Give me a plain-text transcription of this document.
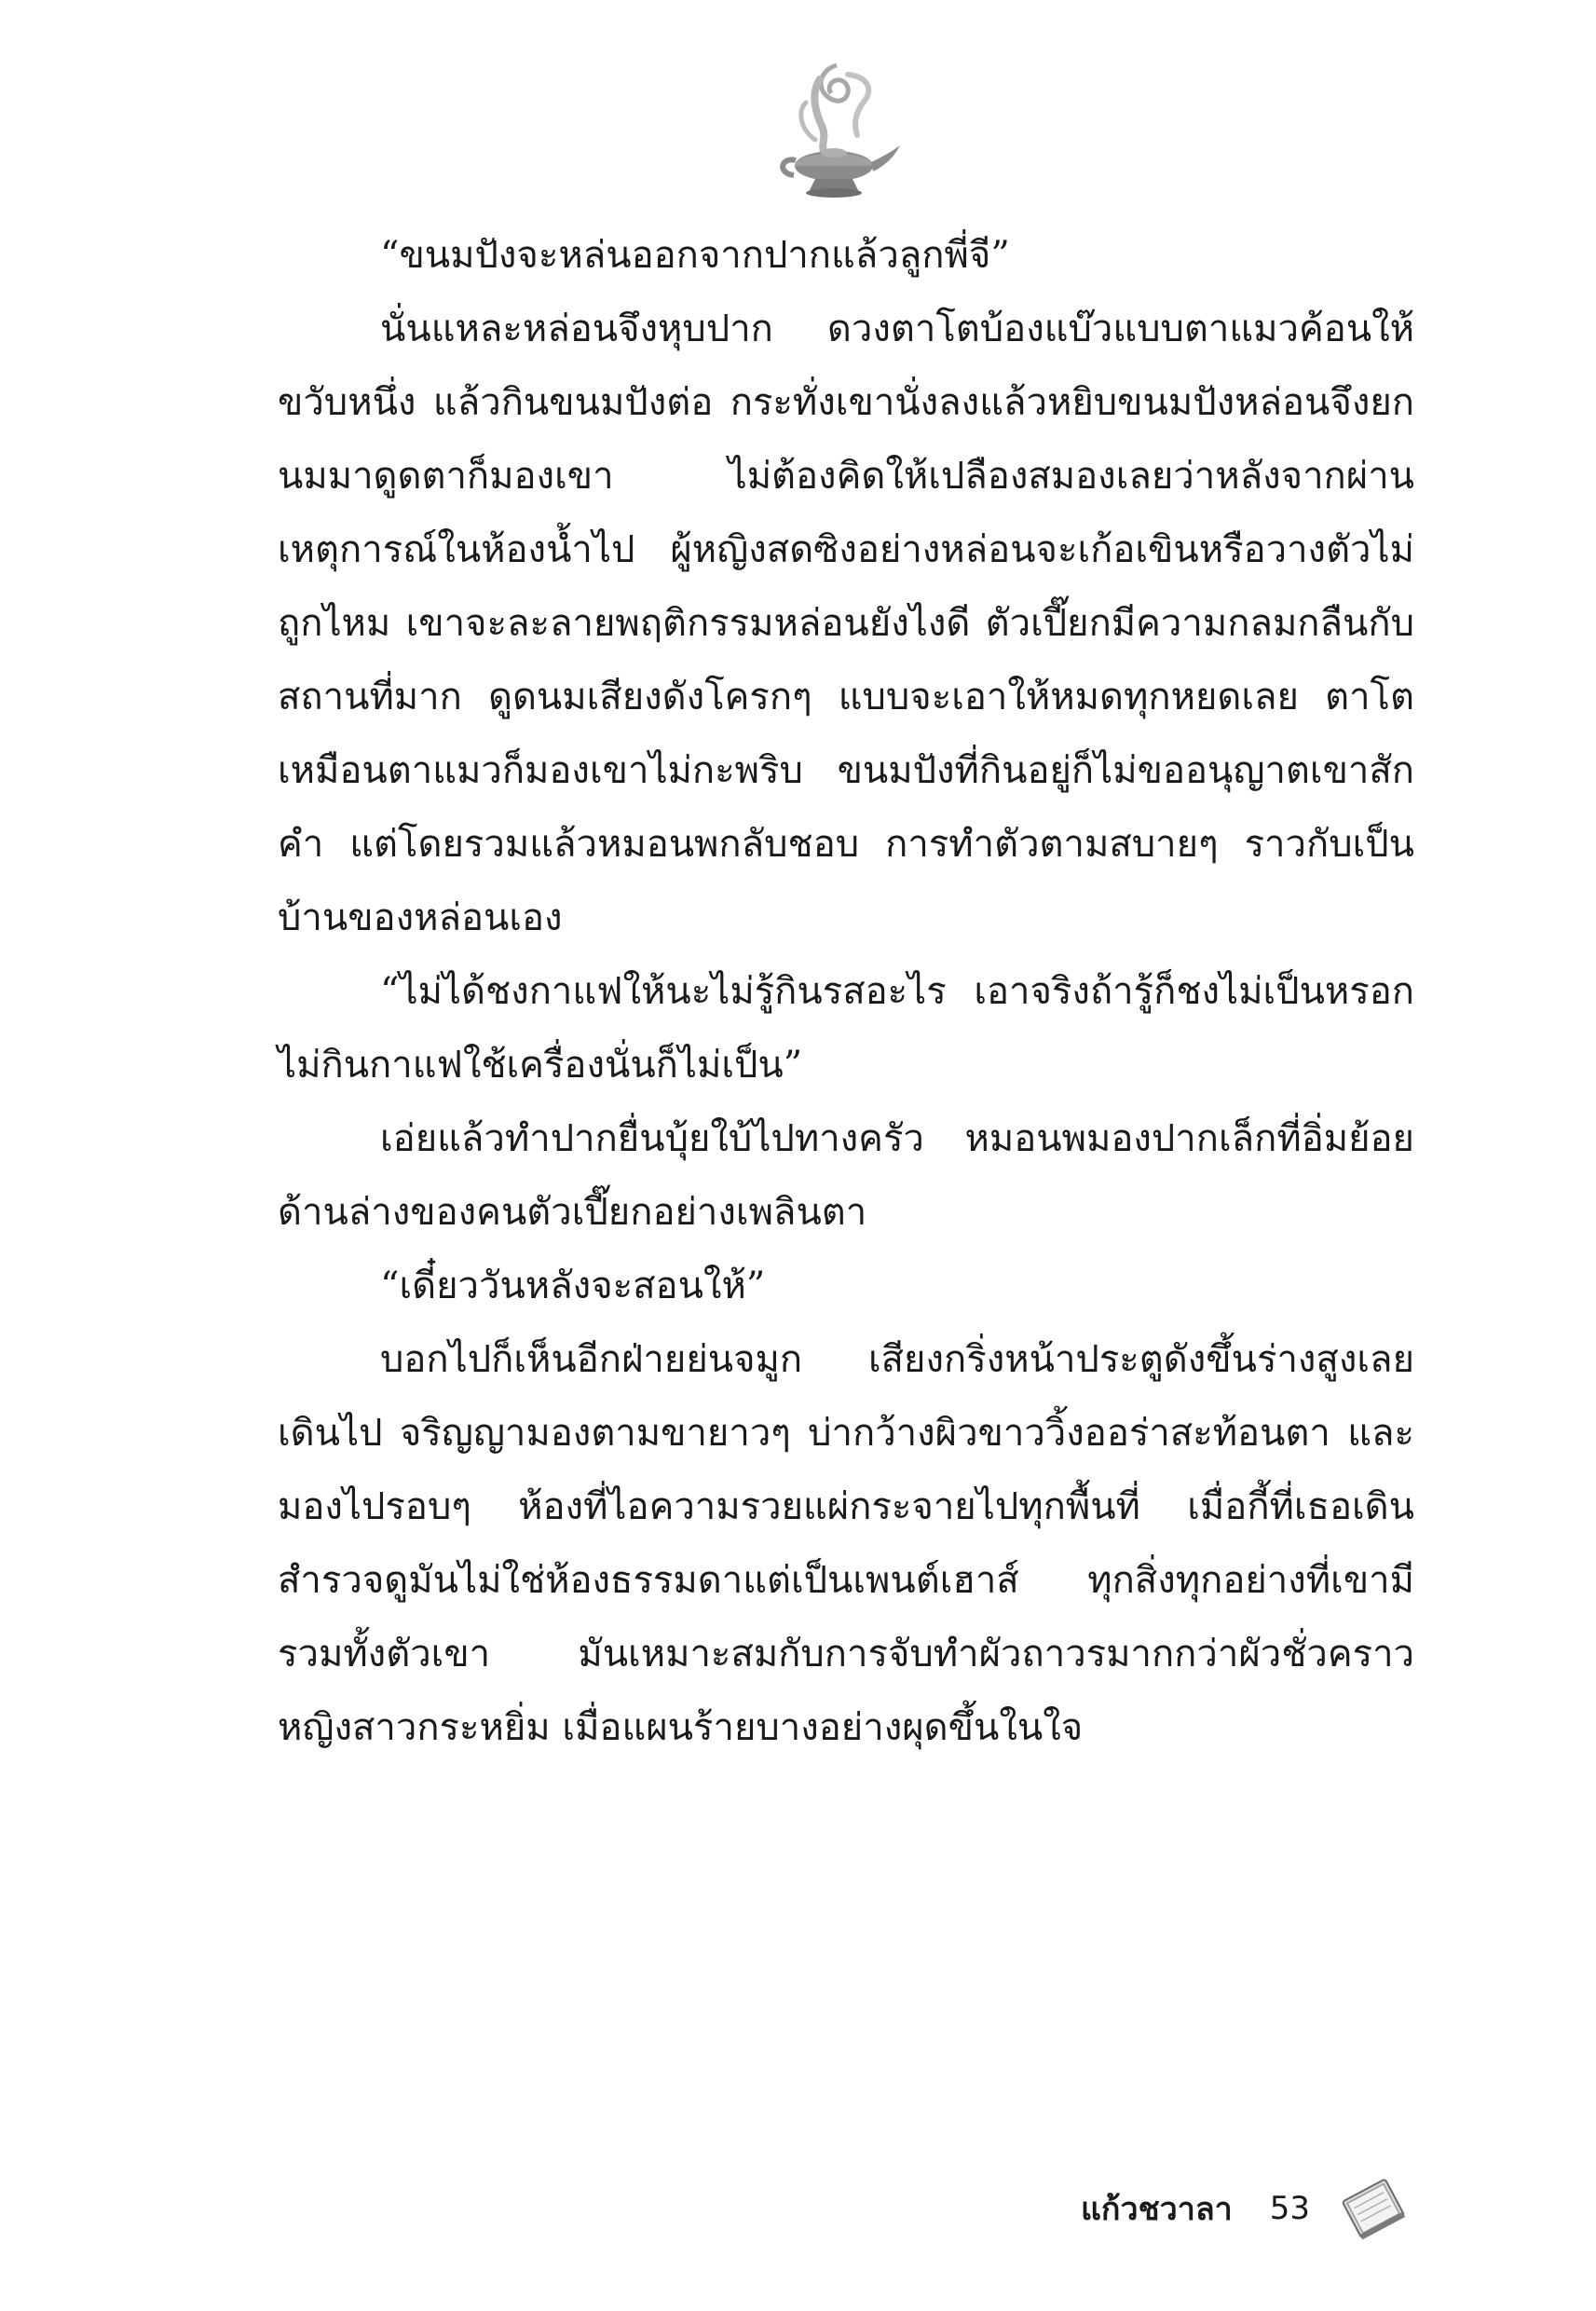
“ขนมปังจะหล่นออกจากปากแล้วลูกพี่จี”

นั่นแหละหล่อนจึงหุบปาก ดวงตาโตบ้องแบ๊วแบบตาแมวค้อนให้ขวับหนึ่ง แล้วกินขนมปังต่อ กระทั่งเขานั่งลงแล้วหยิบขนมปังหล่อนจึงยกนมมาดูดตาก็มองเขา ไม่ต้องคิดให้เปลืองสมองเลยว่าหลังจากผ่านเหตุการณ์ในห้องน้ำไป ผู้หญิงสดซิงอย่างหล่อนจะเก้อเขินหรือวางตัวไม่ถูกไหม เขาจะละลายพฤติกรรมหล่อนยังไงดี ตัวเปี๊ยกมีความกลมกลืนกับสถานที่มาก ดูดนมเสียงดังโครกๆ แบบจะเอาให้หมดทุกหยดเลย ตาโตเหมือนตาแมวก็มองเขาไม่กะพริบ ขนมปังที่กินอยู่ก็ไม่ขออนุญาตเขาสักคำ แต่โดยรวมแล้วหมอนพกลับชอบ การทำตัวตามสบายๆ ราวกับเป็นบ้านของหล่อนเอง

“ไม่ได้ชงกาแฟให้นะไม่รู้กินรสอะไร เอาจริงถ้ารู้ก็ชงไม่เป็นหรอก ไม่กินกาแฟใช้เครื่องนั่นก็ไม่เป็น”

เอ่ยแล้วทำปากยื่นบุ้ยใบ้ไปทางครัว หมอนพมองปากเล็กที่อิ่มย้อยด้านล่างของคนตัวเปี๊ยกอย่างเพลินตา

“เดี๋ยววันหลังจะสอนให้”

บอกไปก็เห็นอีกฝ่ายย่นจมูก เสียงกริ่งหน้าประตูดังขึ้นร่างสูงเลยเดินไป จริญญามองตามขายาวๆ บ่ากว้างผิวขาววิ้งออร่าสะท้อนตา และมองไปรอบๆ ห้องที่ไอความรวยแผ่กระจายไปทุกพื้นที่ เมื่อกี้ที่เธอเดินสำรวจดูมันไม่ใช่ห้องธรรมดาแต่เป็นเพนต์เฮาส์ ทุกสิ่งทุกอย่างที่เขามีรวมทั้งตัวเขา มันเหมาะสมกับการจับทำผัวถาวรมากกว่าผัวชั่วคราว หญิงสาวกระหยิ่ม เมื่อแผนร้ายบางอย่างผุดขึ้นในใจ

แก้วชวาลา 53
